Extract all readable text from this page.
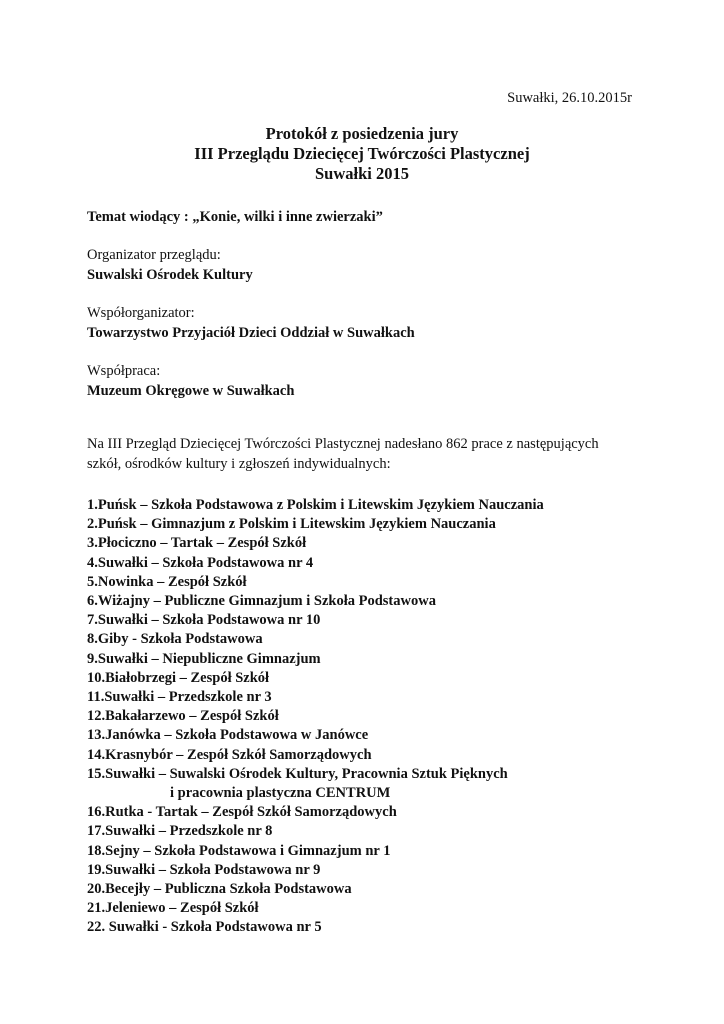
Suwałki, 26.10.2015r
Protokół z posiedzenia jury
III Przeglądu Dziecięcej Twórczości Plastycznej
Suwałki 2015
Temat wiodący : „Konie, wilki i inne zwierzaki”
Organizator przeglądu:
Suwalski Ośrodek Kultury
Współorganizator:
Towarzystwo Przyjaciół Dzieci Oddział w Suwałkach
Współpraca:
Muzeum Okręgowe w Suwałkach
Na III Przegląd Dziecięcej Twórczości Plastycznej nadesłano 862 prace z następujących
szkół, ośrodków kultury i zgłoszeń indywidualnych:
1.Puńsk – Szkoła Podstawowa z Polskim i Litewskim Językiem Nauczania
2.Puńsk – Gimnazjum z Polskim i Litewskim Językiem Nauczania
3.Płociczno – Tartak – Zespół Szkół
4.Suwałki – Szkoła Podstawowa nr 4
5.Nowinka – Zespół Szkół
6.Wiżajny – Publiczne Gimnazjum i Szkoła Podstawowa
7.Suwałki – Szkoła Podstawowa nr 10
8.Giby - Szkoła Podstawowa
9.Suwałki – Niepubliczne Gimnazjum
10.Białobrzegi – Zespół Szkół
11.Suwałki – Przedszkole nr 3
12.Bakałarzewo – Zespół Szkół
13.Janówka – Szkoła Podstawowa w Janówce
14.Krasnybór – Zespół Szkół Samorządowych
15.Suwałki – Suwalski Ośrodek Kultury, Pracownia Sztuk Pięknych
i pracownia plastyczna CENTRUM
16.Rutka - Tartak – Zespół Szkół Samorządowych
17.Suwałki – Przedszkole nr 8
18.Sejny – Szkoła Podstawowa i Gimnazjum nr 1
19.Suwałki – Szkoła Podstawowa nr 9
20.Becejły – Publiczna Szkoła Podstawowa
21.Jeleniewo – Zespół Szkół
22. Suwałki - Szkoła Podstawowa nr 5
